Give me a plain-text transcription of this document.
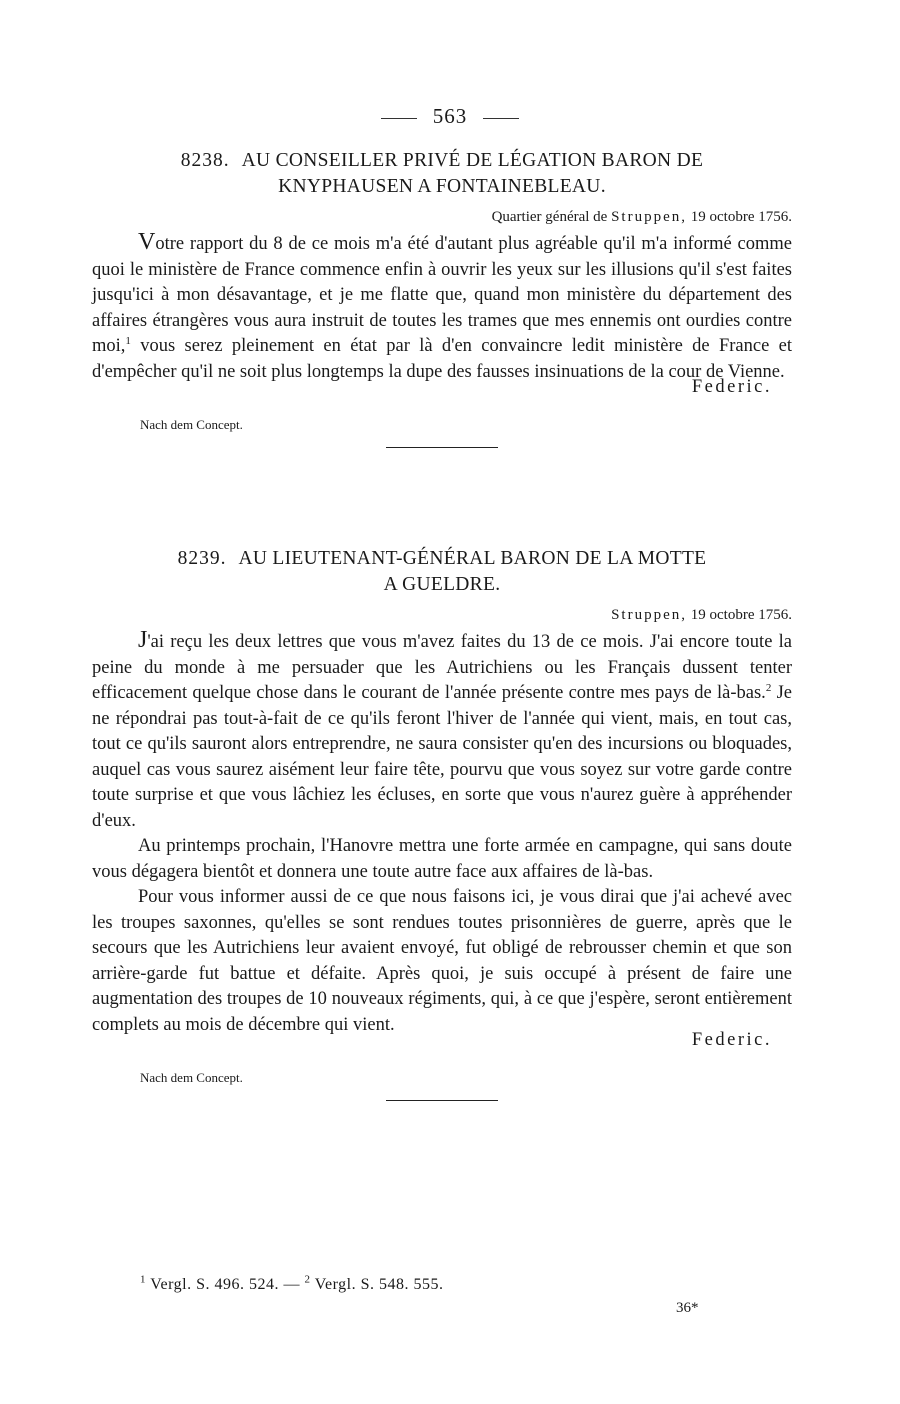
563
8238. AU CONSEILLER PRIVÉ DE LÉGATION BARON DE
KNYPHAUSEN A FONTAINEBLEAU.
Quartier général de Struppen, 19 octobre 1756.

Votre rapport du 8 de ce mois m'a été d'autant plus agréable qu'il m'a informé comme quoi le ministère de France commence enfin à ouvrir les yeux sur les illusions qu'il s'est faites jusqu'ici à mon désavantage, et je me flatte que, quand mon ministère du département des affaires étrangères vous aura instruit de toutes les trames que mes ennemis ont ourdies contre moi,$^1$ vous serez pleinement en état par là d'en convaincre ledit ministère de France et d'empêcher qu'il ne soit plus longtemps la dupe des fausses insinuations de la cour de Vienne.

Federic.
Nach dem Concept.
8239. AU LIEUTENANT-GÉNÉRAL BARON DE LA MOTTE
A GUELDRE.
Struppen, 19 octobre 1756.

J'ai reçu les deux lettres que vous m'avez faites du 13 de ce mois. J'ai encore toute la peine du monde à me persuader que les Autrichiens ou les Français dussent tenter efficacement quelque chose dans le courant de l'année présente contre mes pays de là-bas.$^2$ Je ne répondrai pas tout-à-fait de ce qu'ils feront l'hiver de l'année qui vient, mais, en tout cas, tout ce qu'ils sauront alors entreprendre, ne saura consister qu'en des incursions ou bloquades, auquel cas vous saurez aisément leur faire tête, pourvu que vous soyez sur votre garde contre toute surprise et que vous lâchiez les écluses, en sorte que vous n'aurez guère à appréhender d'eux.

Au printemps prochain, l'Hanovre mettra une forte armée en campagne, qui sans doute vous dégagera bientôt et donnera une toute autre face aux affaires de là-bas.

Pour vous informer aussi de ce que nous faisons ici, je vous dirai que j'ai achevé avec les troupes saxonnes, qu'elles se sont rendues toutes prisonnières de guerre, après que le secours que les Autrichiens leur avaient envoyé, fut obligé de rebrousser chemin et que son arrière-garde fut battue et défaite. Après quoi, je suis occupé à présent de faire une augmentation des troupes de 10 nouveaux régiments, qui, à ce que j'espère, seront entièrement complets au mois de décembre qui vient.

Federic.
Nach dem Concept.
$^1$ Vergl. S. 496. 524. — $^2$ Vergl. S. 548. 555.
36*
